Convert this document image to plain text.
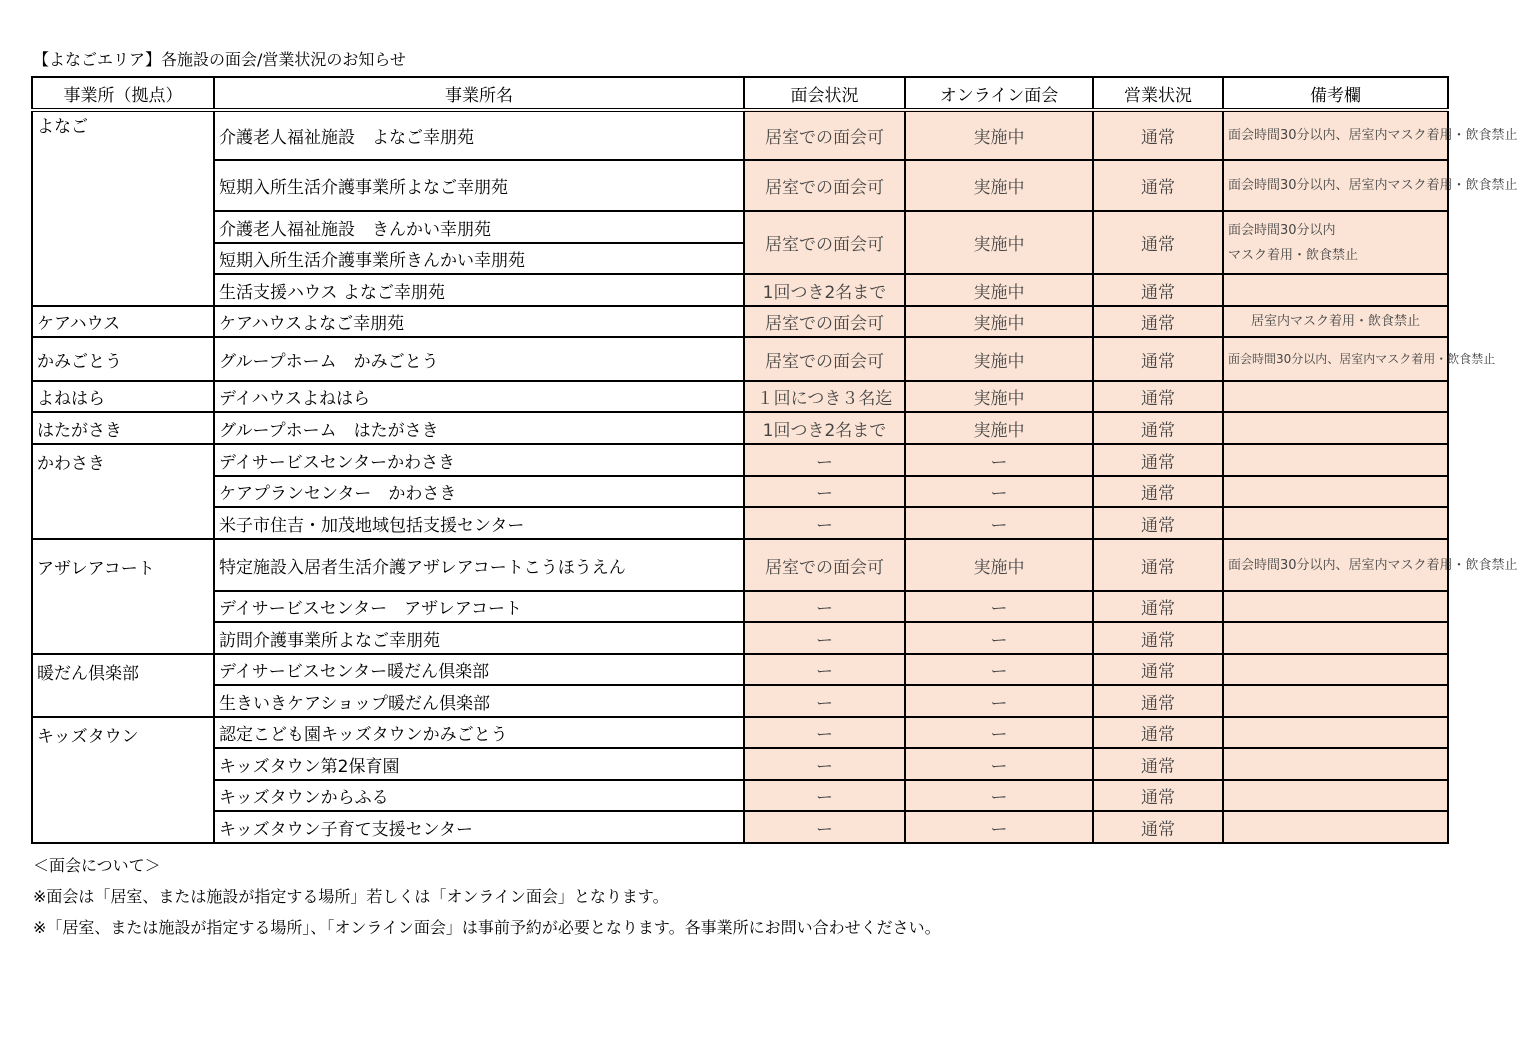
【よなごエリア】各施設の面会/営業状況のお知らせ
事業所（拠点）	事業所名	面会状況	オンライン面会	営業状況	備考欄
よなご	介護老人福祉施設　よなご幸朋苑	居室での面会可	実施中	通常	面会時間30分以内、居室内マスク着用・飲食禁止
	短期入所生活介護事業所よなご幸朋苑	居室での面会可	実施中	通常	面会時間30分以内、居室内マスク着用・飲食禁止
	介護老人福祉施設　きんかい幸朋苑	居室での面会可	実施中	通常	面会時間30分以内
マスク着用・飲食禁止

	短期入所生活介護事業所きんかい幸朋苑				
	生活支援ハウス よなご幸朋苑	1回つき2名まで	実施中	通常	
ケアハウス	ケアハウスよなご幸朋苑	居室での面会可	実施中	通常	居室内マスク着用・飲食禁止
かみごとう	グループホーム　かみごとう	居室での面会可	実施中	通常	面会時間30分以内、居室内マスク着用・飲食禁止
よねはら	デイハウスよねはら	１回につき３名迄	実施中	通常	
はたがさき	グループホーム　はたがさき	1回つき2名まで	実施中	通常	
かわさき	デイサービスセンターかわさき	ー	ー	通常	
	ケアプランセンター　かわさき	ー	ー	通常	
	米子市住吉・加茂地域包括支援センター	ー	ー	通常	
アザレアコート	特定施設入居者生活介護アザレアコートこうほうえん	居室での面会可	実施中	通常	面会時間30分以内、居室内マスク着用・飲食禁止
	デイサービスセンター　アザレアコート	ー	ー	通常	
	訪問介護事業所よなご幸朋苑	ー	ー	通常	
暖だん倶楽部	デイサービスセンター暖だん倶楽部	ー	ー	通常	
	生きいきケアショップ暖だん倶楽部	ー	ー	通常	
キッズタウン	認定こども園キッズタウンかみごとう	ー	ー	通常	
	キッズタウン第2保育園	ー	ー	通常	
	キッズタウンからふる	ー	ー	通常	
	キッズタウン子育て支援センター	ー	ー	通常	
＜面会について＞
※面会は「居室、または施設が指定する場所」若しくは「オンライン面会」となります。
※「居室、または施設が指定する場所」、「オンライン面会」は事前予約が必要となります。各事業所にお問い合わせください。
